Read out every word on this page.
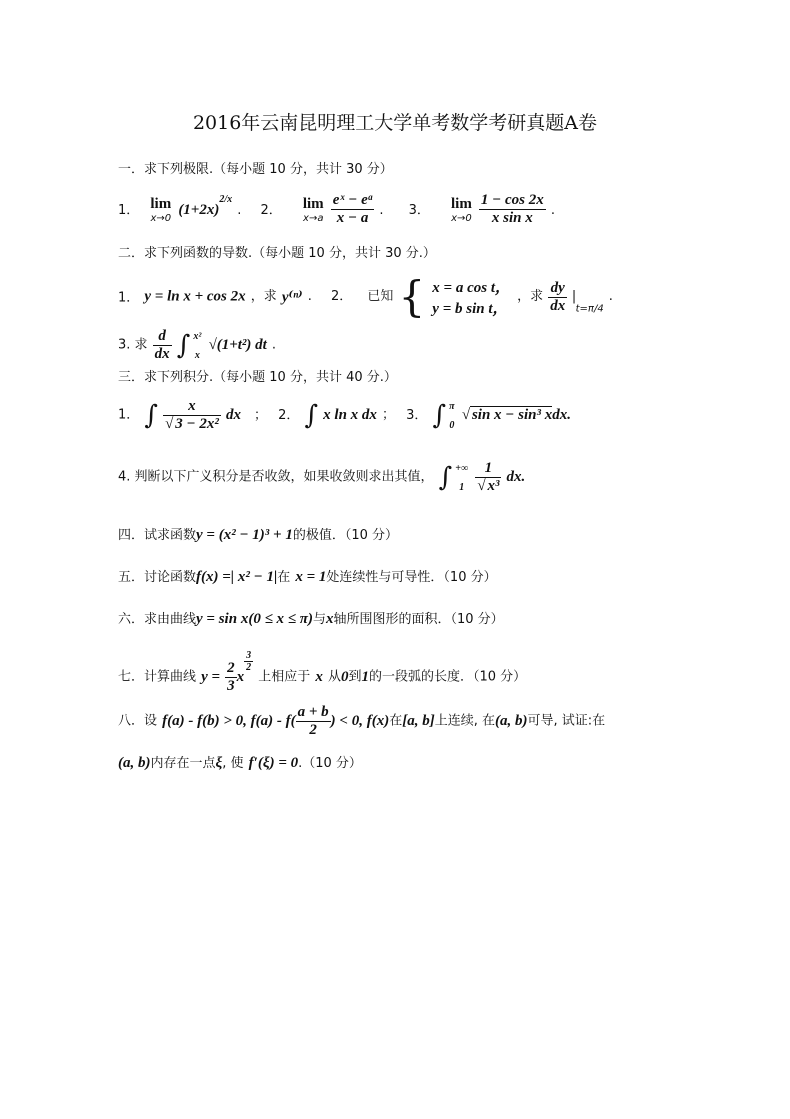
2016年云南昆明理工大学单考数学考研真题A卷
一．求下列极限.（每小题 10 分，共计 30 分）
1． lim
x→0 $(1+2x)^{2/x}$ . 2． lim
x→a
$\frac{\text{eˣ − eᵃ}}{x - a}$ . 3． lim
x→0
$\frac{1 - \cos 2x}{\text{x sin x}}$ .
二．求下列函数的导数.（每小题 10 分，共计 30 分.）
1． y = ln x + cos 2x ，求 y⁽ⁿ⁾ . 2． 已知 { x = a cos t，
y = b sin t，
，求 $\frac{dy}{dx} |_{t=\pi/4}$ .
3. 求 $\frac{d}{dx}$ ∫ x²
x
√(1+t²) dt .
三．求下列积分.（每小题 10 分，共计 40 分.）
1． ∫ $\frac{x}{\text{√ 3 − 2x²}}$ dx ； 2． ∫ x ln x dx ； 3． ∫ π
0
√ sin x − sin³ xdx.
4. 判断以下广义积分是否收敛，如果收敛则求出其值， ∫ +∞
1
$\frac{1}{\text{√ x³}}$ dx.
四．试求函数y = (x² − 1)³ + 1的极值．（10 分）
五．讨论函数f(x) =| x² − 1|在 x = 1处连续性与可导性．（10 分）
六．求由曲线y = sin x(0 ≤ x ≤ π)与x轴所围图形的面积．（10 分）
七．计算曲线 $y = \frac{2}{3}$ x
$\frac{3}{2}$
上相应于 x 从0到1的一段弧的长度．（10 分）
八．设 f(a) - f(b) > 0, $f(a) - f( \frac{a + b}{2}$ ) < 0, f(x)在[a, b]上连续, 在(a, b)可导, 试证:在
(a, b)内存在一点ξ, 使 f′(ξ) = 0.（10 分）
